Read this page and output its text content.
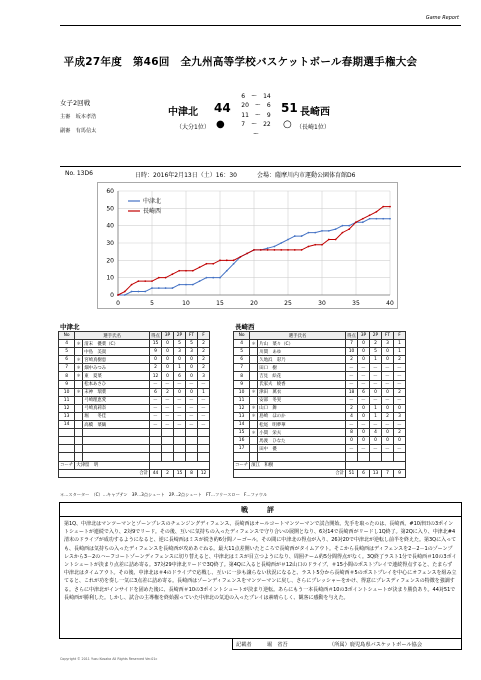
Game Report
平成27年度　第46回　全九州高等学校バスケットボール春期選手権大会
女子2回戦
主審　 坂本孝浩
副審　 有馬信太
中津北 44
（大分1位） ●
6　ー　14
20　ー　6
11　ー　9
7　ー　22
ー
51 長崎西
○ （長崎1位）
No. 13D6	日時：2016年2月13日（土）16：30	会場：薩摩川内市運動公園体育館D6
0
10
20
30
40
50
60
0	5	10	15	20	25	30	35	40
中津北
長崎西
中津北
No	選手氏名		得点	3P	2P	FT	F
4	＊	清末　優菜（C）	15	0	5	5	2
5		中島　美貴	9	0	3	3	2
6	＊	宮崎真樹恵	0	0	0	0	2
7	＊	畑中みつみ	2	0	1	0	2
8	＊	東　夏菜	12	0	6	0	3
9		松本あさひ	ー	ー	ー	ー	ー
10	＊	末神　瑞菜	6	2	0	0	1
11		弓崎理恵愛	ー	ー	ー	ー	ー
12		弓崎真莉奈	ー	ー	ー	ー	ー
13		堀　　冬佳	ー	ー	ー	ー	ー
14		高橋　菜鶴	ー	ー	ー	ー	ー

コーチ	大津留　明						
合計			44	2	15	8	12
長崎西
No	選手氏名		得点	3P	2P	FT	F
4	＊	片山　菜々（C）	7	0	2	3	1
5		川間　あゆ	10	0	5	0	1
6		久地浜　彩乃	2	0	1	0	2
7		田口　樹	ー	ー	ー	ー	ー
8		吉見　絵花	ー	ー	ー	ー	ー
9		氏家夫　綾香	ー	ー	ー	ー	ー
10	＊	津田　萬衣	18	6	0	0	2
11		安部　冬実	ー	ー	ー	ー	ー
12	＊	山口　舞	2	0	1	0	0
13	＊	島崎　ほのか	4	0	1	2	3
14		松尾　明夢華	ー	ー	ー	ー	ー
15	＊	小間　栄夫	8	0	4	0	2
16		馬渡　ひなた	0	0	0	0	0
17		田中　優	ー	ー	ー	ー	ー

コーチ	濱江　和樹						
合計			51	6	13	7	9
＊…スターター　（C）…キャプテン　3P…3点シュート　2P…2点シュート　FT…フリースロー　F…ファウル
戦　評
第1Q、中津北はマンツーマンとゾーンプレスのチェンジングディフェンス、長崎西はオールコートマンツーマンで試合開始。先手を取ったのは、長崎西。#10津田の3ポイントシュートが連続で入り、2対9でリード。その後、互いに気持ちの入ったディフェンスで守り合いの展開となり、6対14で長崎西がリードし1Q終了。第2Qに入り、中津北#4清末のドライブが成功するようになると、逆に長崎西はミスが続き約6分間ノーゴール。その間に中津北の得点が入り、26対20で中津北が逆転し前半を終えた。第3Qに入っても、長崎西は気持ちの入ったディフェンスを長崎西が攻めあぐねる。最大11点差開いたところで長崎西がタイムアウト。そこから長崎西はディフェンスを2－2－1のゾーンプレスから3－2のハーフコートゾーンディフェンスに切り替えると、中津北はミスが目立つようになり、周囲チーム約5分間得点がなく。3Q終了ラスト1分で長崎西＃10の3ポイントシュートが決まり点差に詰め寄る。37対29中津北リードで3Q終了。第4Qに入ると長崎西が＃12山口のドライブ、＃15小間のポストプレイで連続得点すると、たまらず中津北はタイムアウト。その後、中津北は＃4のドライブで応戦し、互いに一歩も譲らない状況になると、ラスト5分から長崎西＃5のポストプレイを中心にオフェンスを組み立てると、これが功を奏し一気に3点差に詰め寄る。長崎西はゾーンディフェンスをマンツーマンに戻し、さらにプレッシャーをかけ、得意にプレスディフェンスの特徴を強調する。さらに中津北がインサイドを固めた後に、長崎西＃10の3ポイントシュートが決まり逆転。あらにもう一本長崎西＃10の3ポイントシュートが決まり勝負あり。44対51で長崎西が勝利した。しかし、試合の主導権を終始握っていた中津北の気迫の入ったプレイは素晴らしく、観客に感動を与えた。
記載者	堀　省吾	（所属）鹿児島県バスケットボール協会
Copyright © 2011 Yuzu Kosaka All Rights Reserved Ver.01c
